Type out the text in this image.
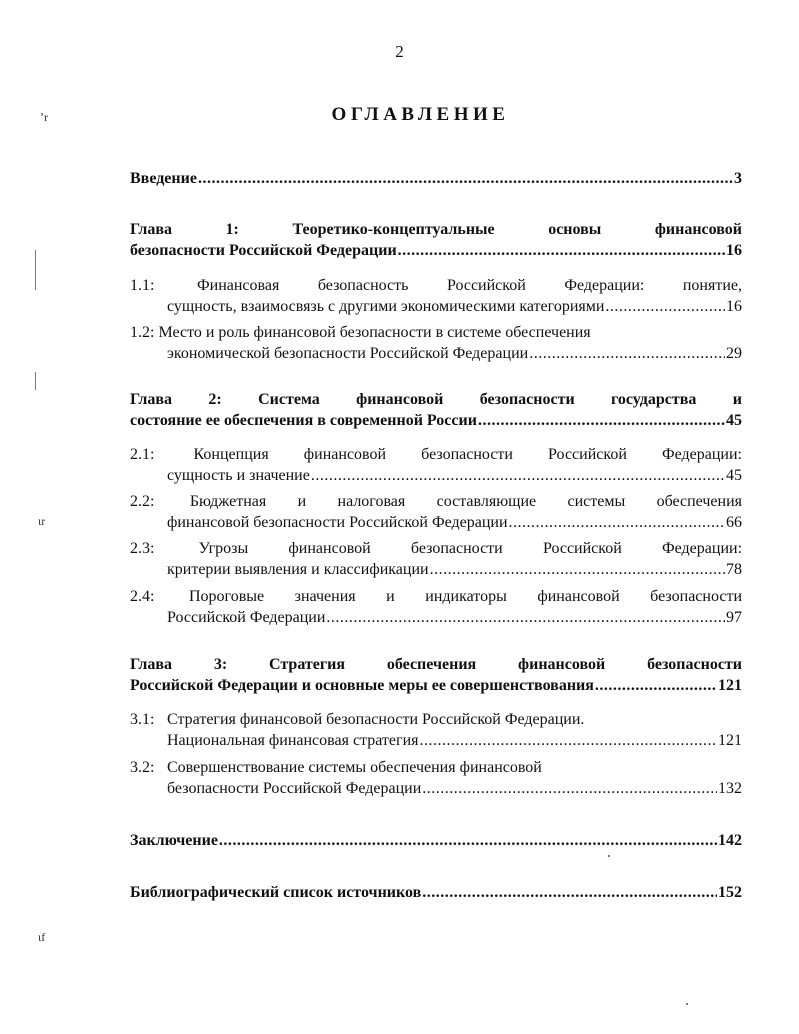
ʼr
ɩr
ɩf
2
ОГЛАВЛЕНИЕ
Введение .....	3
Глава 1:	Теоретико-концептуальные основы финансовой
безопасности Российской Федерации .....	16
1.1:	Финансовая безопасность Российской Федерации: понятие,
сущность, взаимосвязь с другими экономическими категориями .....	16
1.2:
Место и роль финансовой безопасности в системе обеспечения
экономической безопасности Российской Федерации .....	29
Глава 2: Система финансовой безопасности государства и
состояние ее обеспечения в современной России .....	45
2.1: Концепция финансовой безопасности Российской Федерации:
сущность и значение .....	45
2.2: Бюджетная и налоговая составляющие системы обеспечения
финансовой безопасности Российской Федерации .....	66
2.3:	Угрозы финансовой безопасности Российской Федерации:
критерии выявления и классификации .....	78
2.4: Пороговые значения и индикаторы финансовой безопасности
Российской Федерации .....	97
Глава 3:	Стратегия обеспечения финансовой безопасности
Российской Федерации и основные меры ее совершенствования .....	121
3.1: Стратегия финансовой безопасности Российской Федерации.
Национальная финансовая стратегия .....	121
3.2: Совершенствование системы обеспечения финансовой
безопасности Российской Федерации .....	132
Заключение .....	142
Библиографический список источников .....	152
